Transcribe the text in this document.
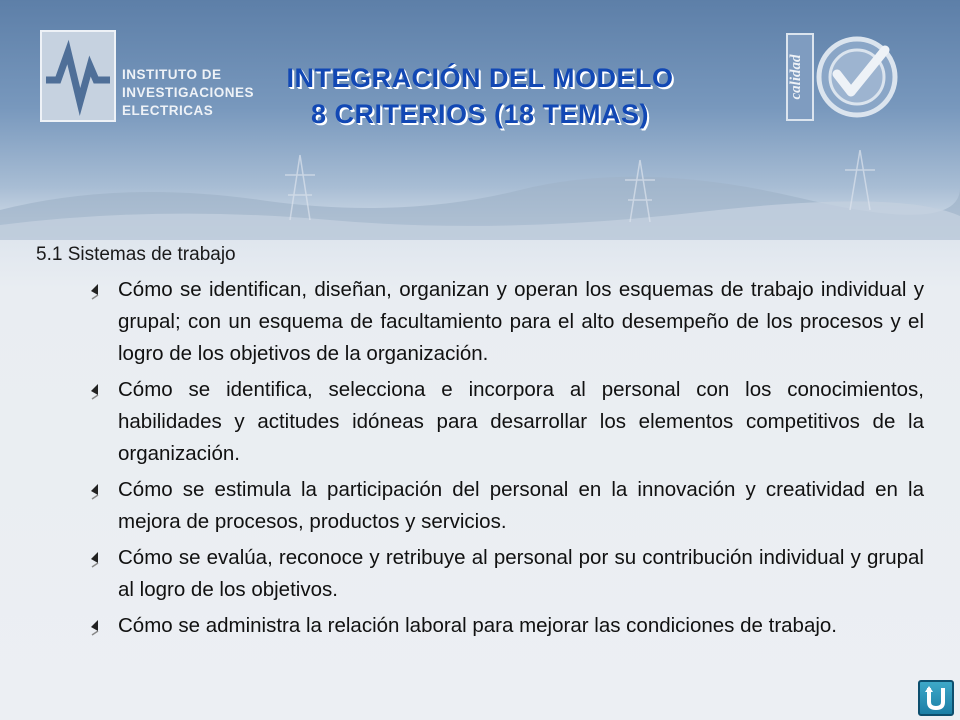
INSTITUTO DE
INVESTIGACIONES
ELECTRICAS
INTEGRACIÓN DEL MODELO
8 CRITERIOS (18 TEMAS)
calidad
5.1 Sistemas de trabajo
Cómo se identifican, diseñan, organizan y operan los esquemas de trabajo individual y grupal; con un esquema de facultamiento para el alto desempeño de los procesos y el logro de los objetivos de la organización.
Cómo se identifica, selecciona e incorpora al personal con los conocimientos, habilidades y actitudes idóneas para desarrollar los elementos competitivos de la organización.
Cómo se estimula la participación del personal en la innovación y creatividad en la mejora de procesos, productos y servicios.
Cómo se evalúa, reconoce y retribuye al personal por su contribución individual y grupal al logro de los objetivos.
Cómo se administra la relación laboral para mejorar las condiciones de trabajo.
